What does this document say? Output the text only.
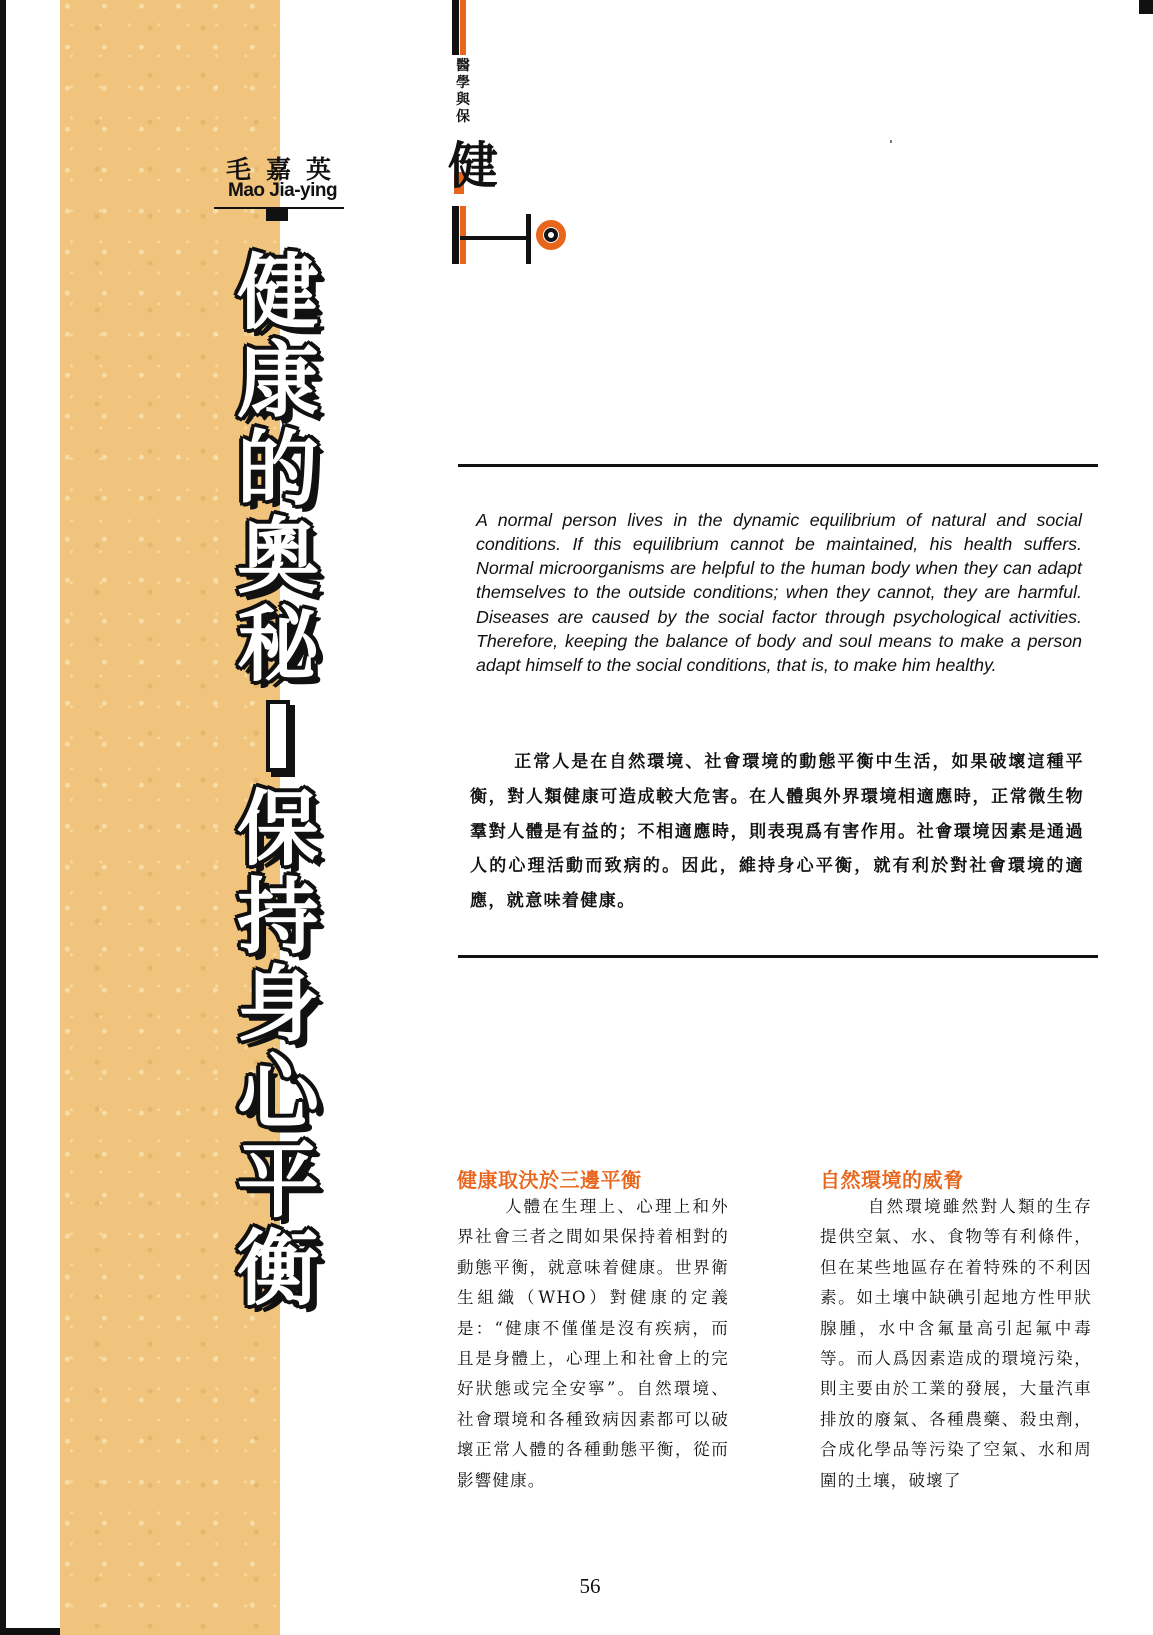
醫學與保
健
毛嘉英
Mao Jia-ying
健
康
的
奧
秘
保
持
身
心
平
衡

A normal person lives in the dynamic equilibrium of natural and social conditions. If this equilibrium cannot be maintained, his health suffers. Normal microorganisms are helpful to the human body when they can adapt themselves to the outside conditions; when they cannot, they are harmful. Diseases are caused by the social factor through psychological activities. Therefore, keeping the balance of body and soul means to make a person adapt himself to the social conditions, that is, to make him healthy.

正常人是在自然環境、社會環境的動態平衡中生活，如果破壞這種平衡，對人類健康可造成較大危害。在人體與外界環境相適應時，正常微生物羣對人體是有益的；不相適應時，則表現爲有害作用。社會環境因素是通過人的心理活動而致病的。因此，維持身心平衡，就有利於對社會環境的適應，就意味着健康。

健康取決於三邊平衡

人體在生理上、心理上和外界社會三者之間如果保持着相對的動態平衡，就意味着健康。世界衛生組織（WHO）對健康的定義是：“健康不僅僅是沒有疾病，而且是身體上，心理上和社會上的完好狀態或完全安寧”。自然環境、社會環境和各種致病因素都可以破壞正常人體的各種動態平衡，從而影響健康。

自然環境的威脅

自然環境雖然對人類的生存提供空氣、水、食物等有利條件，但在某些地區存在着特殊的不利因素。如土壤中缺碘引起地方性甲狀腺腫，水中含氟量高引起氟中毒等。而人爲因素造成的環境污染，則主要由於工業的發展，大量汽車排放的廢氣、各種農藥、殺虫劑，合成化學品等污染了空氣、水和周圍的土壤，破壞了

56
